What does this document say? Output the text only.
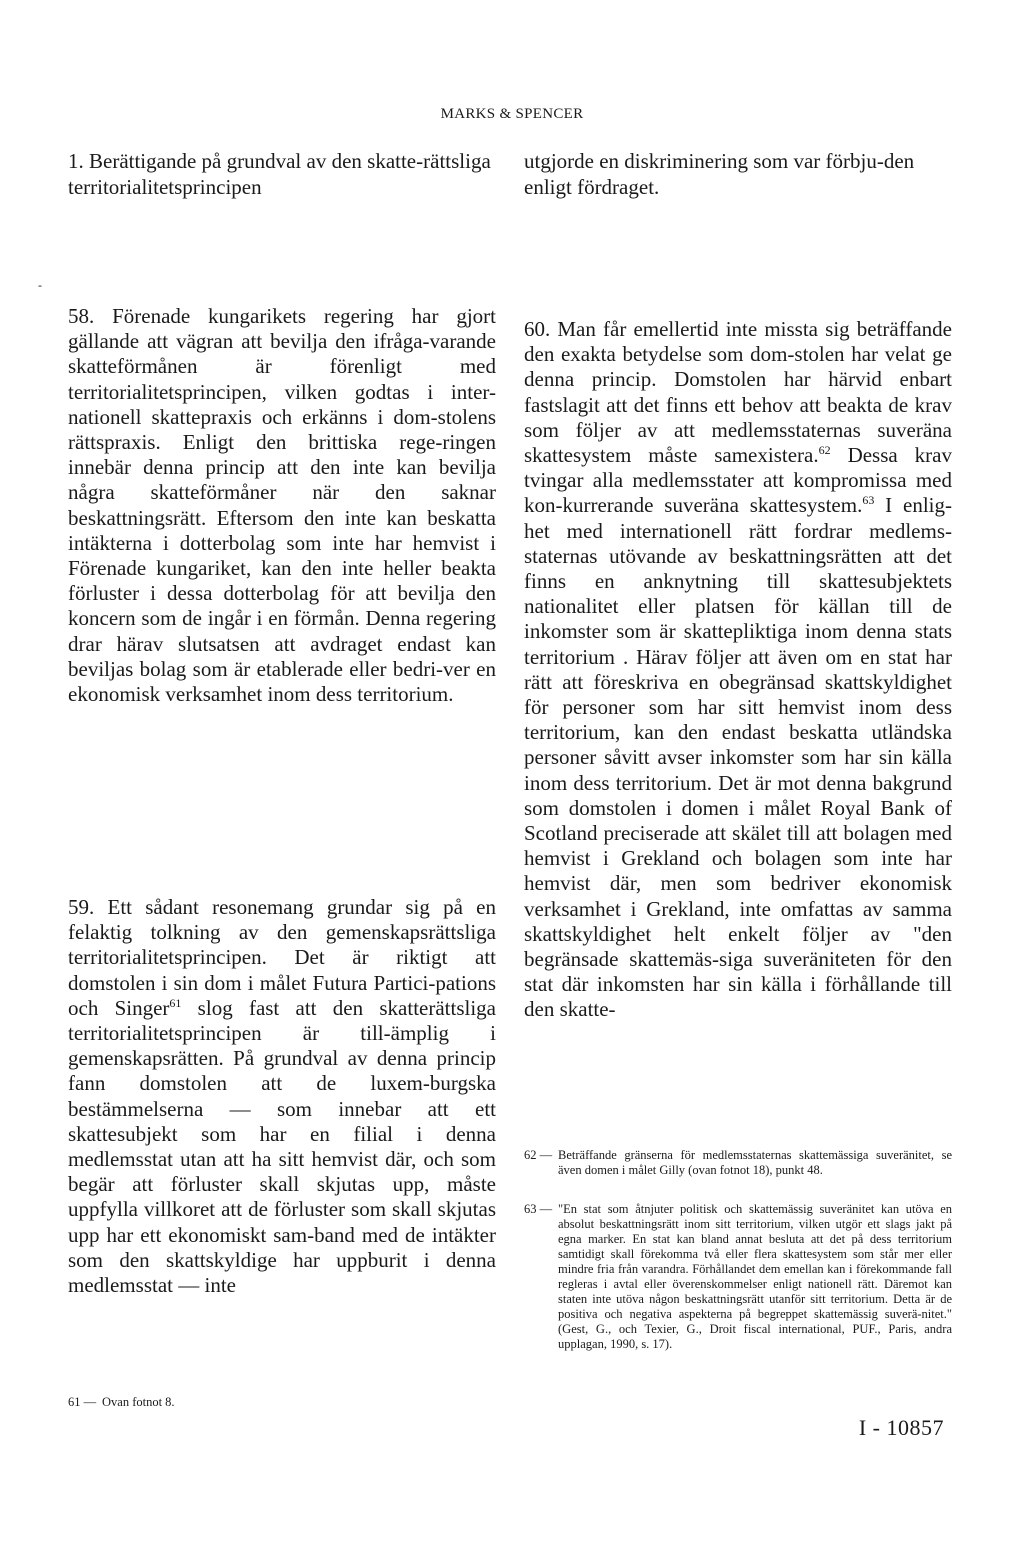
MARKS & SPENCER
-
1. Berättigande på grundval av den skatte-rättsliga territorialitetsprincipen

58. Förenade kungarikets regering har gjort gällande att vägran att bevilja den ifråga-varande skatteförmånen är förenligt med territorialitetsprincipen, vilken godtas i inter-nationell skattepraxis och erkänns i dom-stolens rättspraxis. Enligt den brittiska rege-ringen innebär denna princip att den inte kan bevilja några skatteförmåner när den saknar beskattningsrätt. Eftersom den inte kan beskatta intäkterna i dotterbolag som inte har hemvist i Förenade kungariket, kan den inte heller beakta förluster i dessa dotterbolag för att bevilja den koncern som de ingår i en förmån. Denna regering drar härav slutsatsen att avdraget endast kan beviljas bolag som är etablerade eller bedri-ver en ekonomisk verksamhet inom dess territorium.

59. Ett sådant resonemang grundar sig på en felaktig tolkning av den gemenskapsrättsliga territorialitetsprincipen. Det är riktigt att domstolen i sin dom i målet Futura Partici-pations och Singer$^{61}$ slog fast att den skatterättsliga territorialitetsprincipen är till-ämplig i gemenskapsrätten. På grundval av denna princip fann domstolen att de luxem-burgska bestämmelserna — som innebar att ett skattesubjekt som har en filial i denna medlemsstat utan att ha sitt hemvist där, och som begär att förluster skall skjutas upp, måste uppfylla villkoret att de förluster som skall skjutas upp har ett ekonomiskt sam-band med de intäkter som den skattskyldige har uppburit i denna medlemsstat — inte

61 — Ovan fotnot 8.
utgjorde en diskriminering som var förbju-den enligt fördraget.

60. Man får emellertid inte missta sig beträffande den exakta betydelse som dom-stolen har velat ge denna princip. Domstolen har härvid enbart fastslagit att det finns ett behov att beakta de krav som följer av att medlemsstaternas suveräna skattesystem måste samexistera.$^{62}$ Dessa krav tvingar alla medlemsstater att kompromissa med kon-kurrerande suveräna skattesystem.$^{63}$ I enlig-het med internationell rätt fordrar medlems-staternas utövande av beskattningsrätten att det finns en anknytning till skattesubjektets nationalitet eller platsen för källan till de inkomster som är skattepliktiga inom denna stats territorium . Härav följer att även om en stat har rätt att föreskriva en obegränsad skattskyldighet för personer som har sitt hemvist inom dess territorium, kan den endast beskatta utländska personer såvitt avser inkomster som har sin källa inom dess territorium. Det är mot denna bakgrund som domstolen i domen i målet Royal Bank of Scotland preciserade att skälet till att bolagen med hemvist i Grekland och bolagen som inte har hemvist där, men som bedriver ekonomisk verksamhet i Grekland, inte omfattas av samma skattskyldighet helt enkelt följer av "den begränsade skattemäs-siga suveräniteten för den stat där inkomsten har sin källa i förhållande till den skatte-

62 — Beträffande gränserna för medlemsstaternas skattemässiga suveränitet, se även domen i målet Gilly (ovan fotnot 18), punkt 48.
63 — "En stat som åtnjuter politisk och skattemässig suveränitet kan utöva en absolut beskattningsrätt inom sitt territorium, vilken utgör ett slags jakt på egna marker. En stat kan bland annat besluta att det på dess territorium samtidigt skall förekomma två eller flera skattesystem som står mer eller mindre fria från varandra. Förhållandet dem emellan kan i förekommande fall regleras i avtal eller överenskommelser enligt nationell rätt. Däremot kan staten inte utöva någon beskattningsrätt utanför sitt territorium. Detta är de positiva och negativa aspekterna på begreppet skattemässig suverä-nitet." (Gest, G., och Texier, G., Droit fiscal international, PUF., Paris, andra upplagan, 1990, s. 17).
I - 10857
